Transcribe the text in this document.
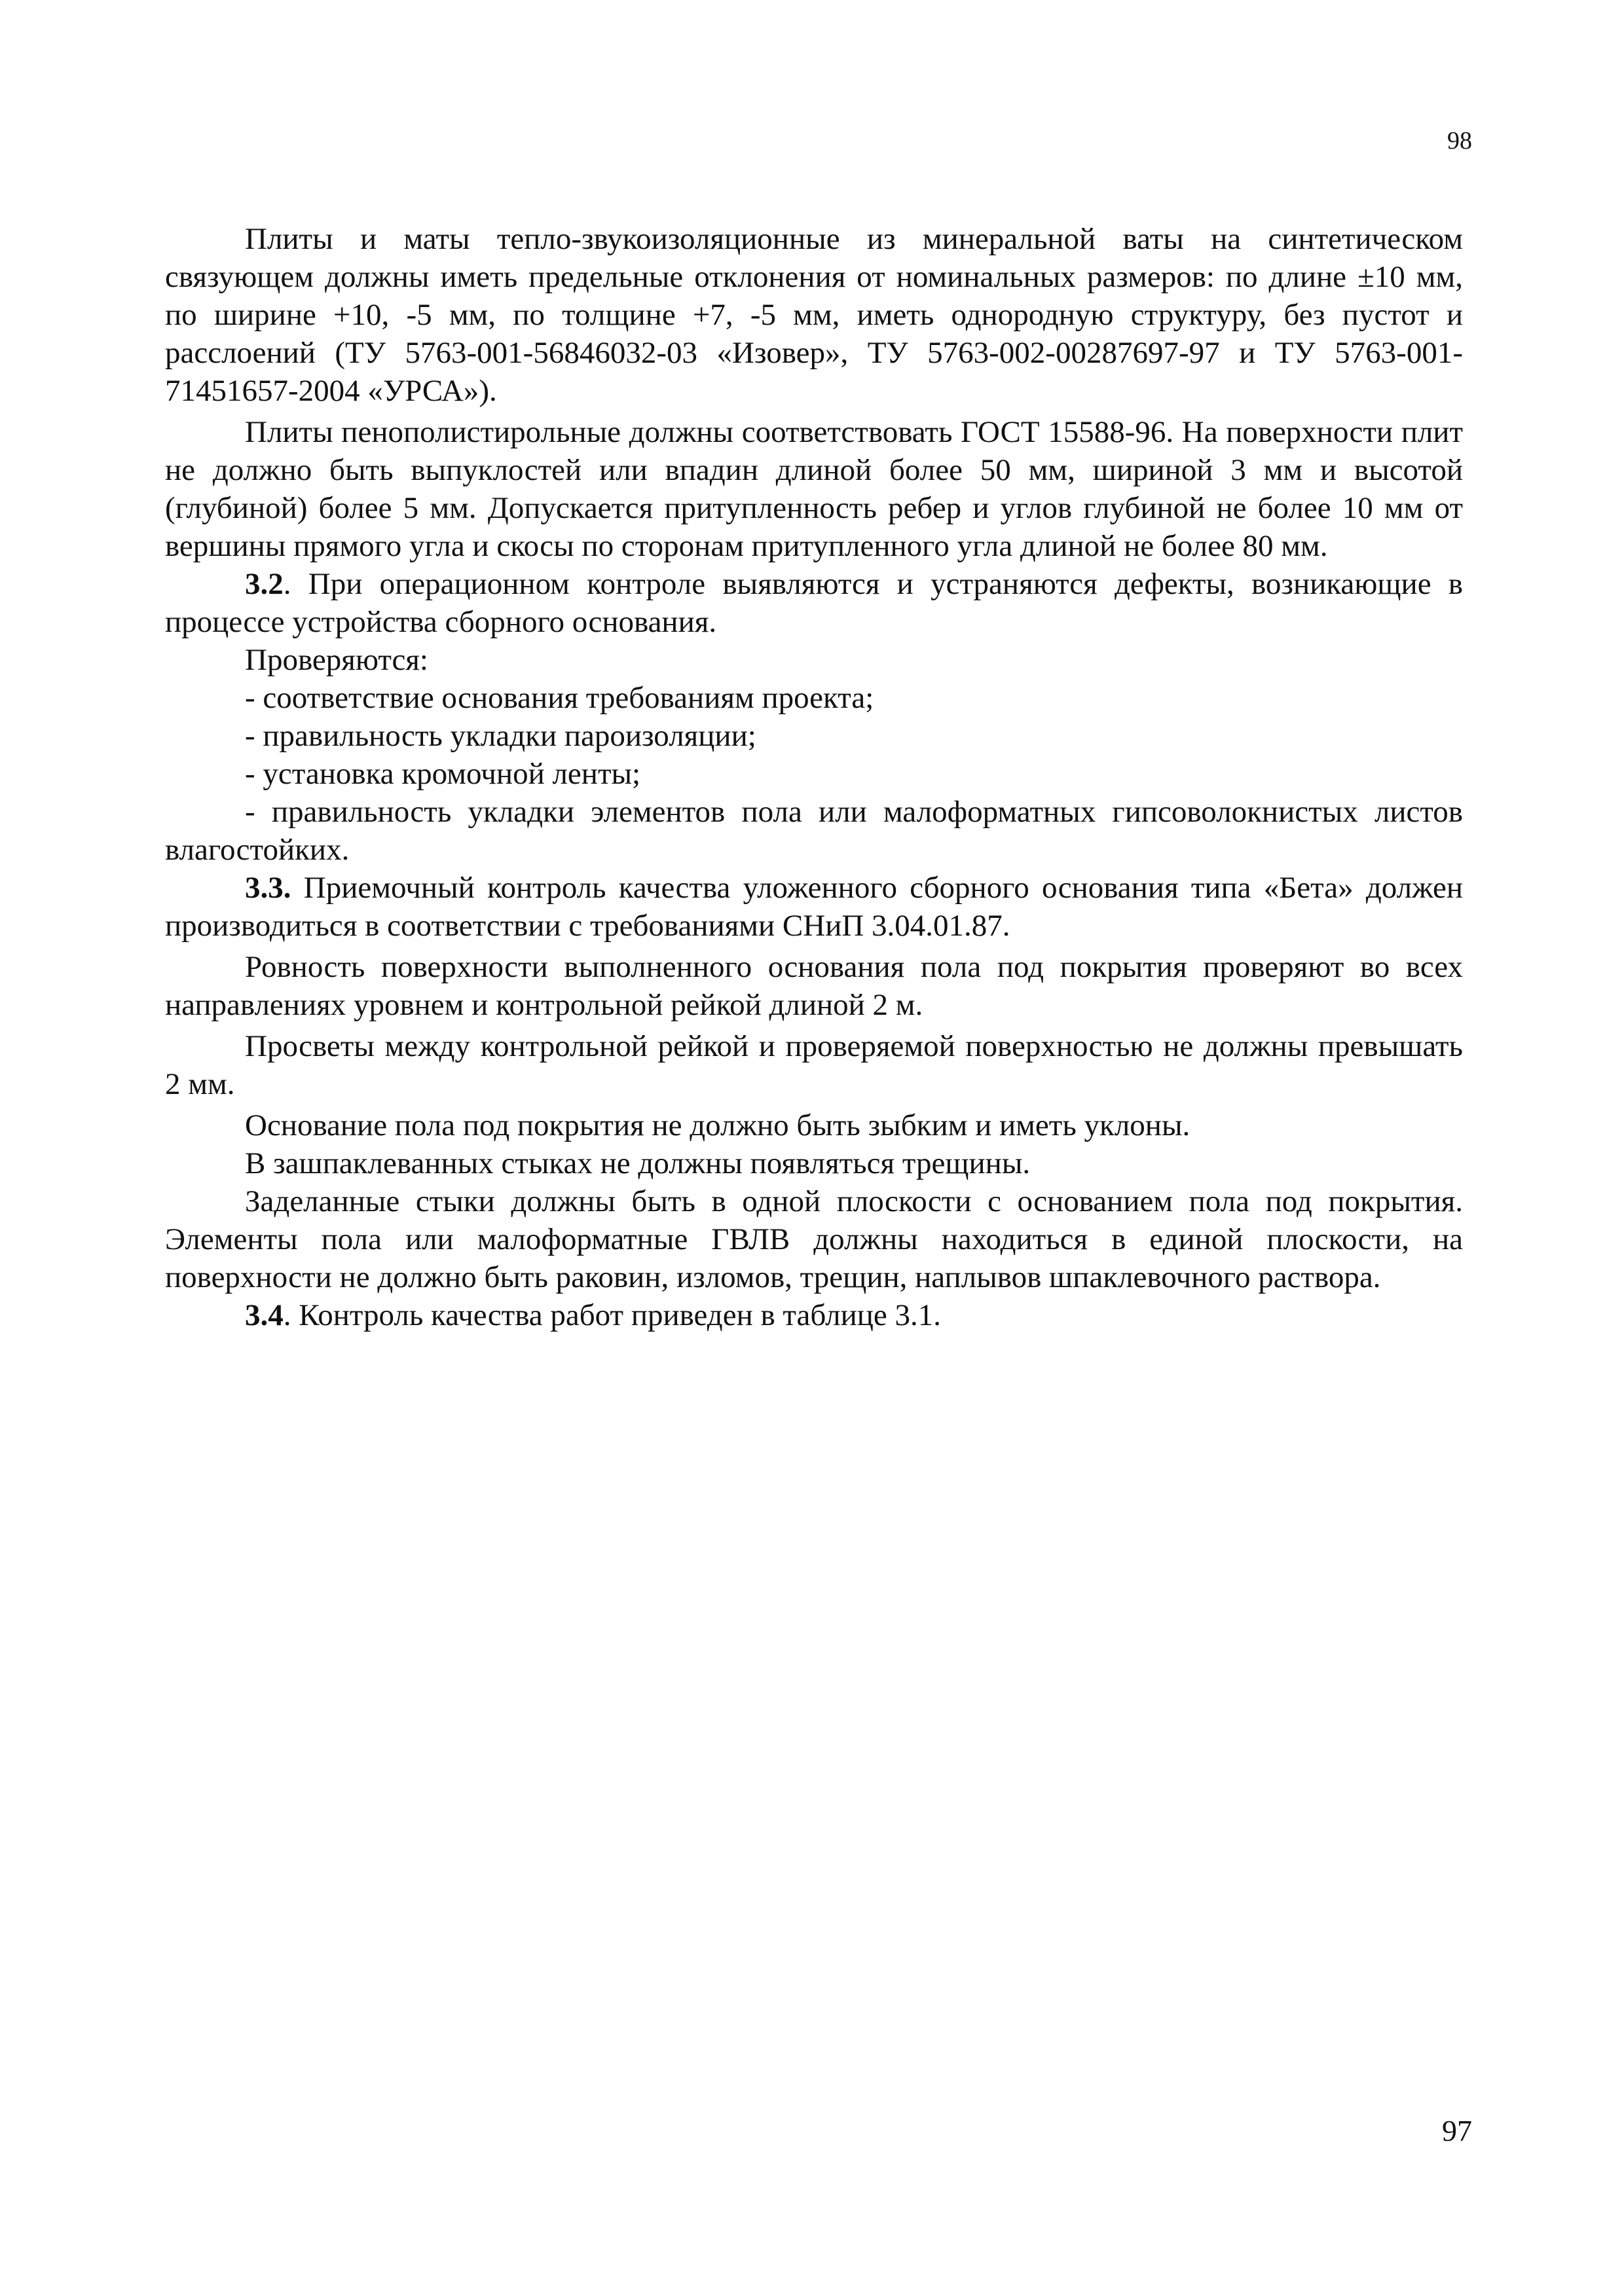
98

Плиты и маты тепло-звукоизоляционные из минеральной ваты на синтетическом связующем должны иметь предельные отклонения от номинальных размеров: по длине ±10 мм, по ширине +10, -5 мм, по толщине +7, -5 мм, иметь однородную структуру, без пустот и расслоений (ТУ 5763-001-56846032-03 «Изовер», ТУ 5763-002-00287697-97 и ТУ 5763-001-71451657-2004 «УРСА»).

Плиты пенополистирольные должны соответствовать ГОСТ 15588-96. На поверхности плит не должно быть выпуклостей или впадин длиной более 50 мм, шириной 3 мм и высотой (глубиной) более 5 мм. Допускается притупленность ребер и углов глубиной не более 10 мм от вершины прямого угла и скосы по сторонам притупленного угла длиной не более 80 мм.

3.2. При операционном контроле выявляются и устраняются дефекты, возникающие в процессе устройства сборного основания.

Проверяются:

- соответствие основания требованиям проекта;

- правильность укладки пароизоляции;

- установка кромочной ленты;

- правильность укладки элементов пола или малоформатных гипсоволокнистых листов влагостойких.

3.3. Приемочный контроль качества уложенного сборного основания типа «Бета» должен производиться в соответствии с требованиями СНиП 3.04.01.87.

Ровность поверхности выполненного основания пола под покрытия проверяют во всех направлениях уровнем и контрольной рейкой длиной 2 м.

Просветы между контрольной рейкой и проверяемой поверхностью не должны превышать 2 мм.

Основание пола под покрытия не должно быть зыбким и иметь уклоны.

В зашпаклеванных стыках не должны появляться трещины.

Заделанные стыки должны быть в одной плоскости с основанием пола под покрытия. Элементы пола или малоформатные ГВЛВ должны находиться в единой плоскости, на поверхности не должно быть раковин, изломов, трещин, наплывов шпаклевочного раствора.

3.4. Контроль качества работ приведен в таблице 3.1.

97
